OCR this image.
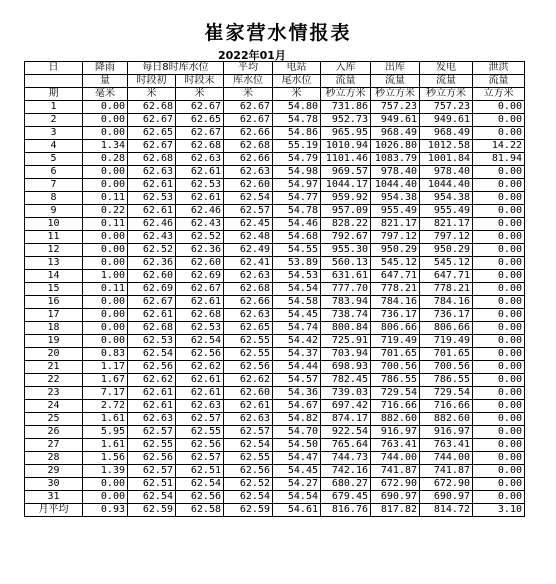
崔家营水情报表
2022年01月
日	降雨	每日8时库水位		平均	电站	入库	出库	发电	泄洪
	量	时段初	时段末	库水位	尾水位	流量	流量	流量	流量
期	毫米	米	米	米	米	秒立方米	秒立方米	秒立方米	立方米
1	0.00	62.68	62.67	62.67	54.80	731.86	757.23	757.23	0.00
2	0.00	62.67	62.65	62.67	54.78	952.73	949.61	949.61	0.00
3	0.00	62.65	62.67	62.66	54.86	965.95	968.49	968.49	0.00
4	1.34	62.67	62.68	62.68	55.19	1010.94	1026.80	1012.58	14.22
5	0.28	62.68	62.63	62.66	54.79	1101.46	1083.79	1001.84	81.94
6	0.00	62.63	62.61	62.63	54.98	969.57	978.40	978.40	0.00
7	0.00	62.61	62.53	62.60	54.97	1044.17	1044.40	1044.40	0.00
8	0.11	62.53	62.61	62.54	54.77	959.92	954.38	954.38	0.00
9	0.22	62.61	62.46	62.57	54.78	957.09	955.49	955.49	0.00
10	0.11	62.46	62.43	62.45	54.46	828.22	821.17	821.17	0.00
11	0.00	62.43	62.52	62.48	54.68	792.67	797.12	797.12	0.00
12	0.00	62.52	62.36	62.49	54.55	955.30	950.29	950.29	0.00
13	0.00	62.36	62.60	62.41	53.89	560.13	545.12	545.12	0.00
14	1.00	62.60	62.69	62.63	54.53	631.61	647.71	647.71	0.00
15	0.11	62.69	62.67	62.68	54.54	777.70	778.21	778.21	0.00
16	0.00	62.67	62.61	62.66	54.58	783.94	784.16	784.16	0.00
17	0.00	62.61	62.68	62.63	54.45	738.74	736.17	736.17	0.00
18	0.00	62.68	62.53	62.65	54.74	800.84	806.66	806.66	0.00
19	0.00	62.53	62.54	62.55	54.42	725.91	719.49	719.49	0.00
20	0.83	62.54	62.56	62.55	54.37	703.94	701.65	701.65	0.00
21	1.17	62.56	62.62	62.56	54.44	698.93	700.56	700.56	0.00
22	1.67	62.62	62.61	62.62	54.57	782.45	786.55	786.55	0.00
23	7.17	62.61	62.61	62.60	54.36	739.03	729.54	729.54	0.00
24	2.72	62.61	62.63	62.61	54.67	697.42	716.66	716.66	0.00
25	1.61	62.63	62.57	62.63	54.82	874.17	882.60	882.60	0.00
26	5.95	62.57	62.55	62.57	54.70	922.54	916.97	916.97	0.00
27	1.61	62.55	62.56	62.54	54.50	765.64	763.41	763.41	0.00
28	1.56	62.56	62.57	62.55	54.47	744.73	744.00	744.00	0.00
29	1.39	62.57	62.51	62.56	54.45	742.16	741.87	741.87	0.00
30	0.00	62.51	62.54	62.52	54.27	680.27	672.90	672.90	0.00
31	0.00	62.54	62.56	62.54	54.54	679.45	690.97	690.97	0.00
月平均	0.93	62.59	62.58	62.59	54.61	816.76	817.82	814.72	3.10
